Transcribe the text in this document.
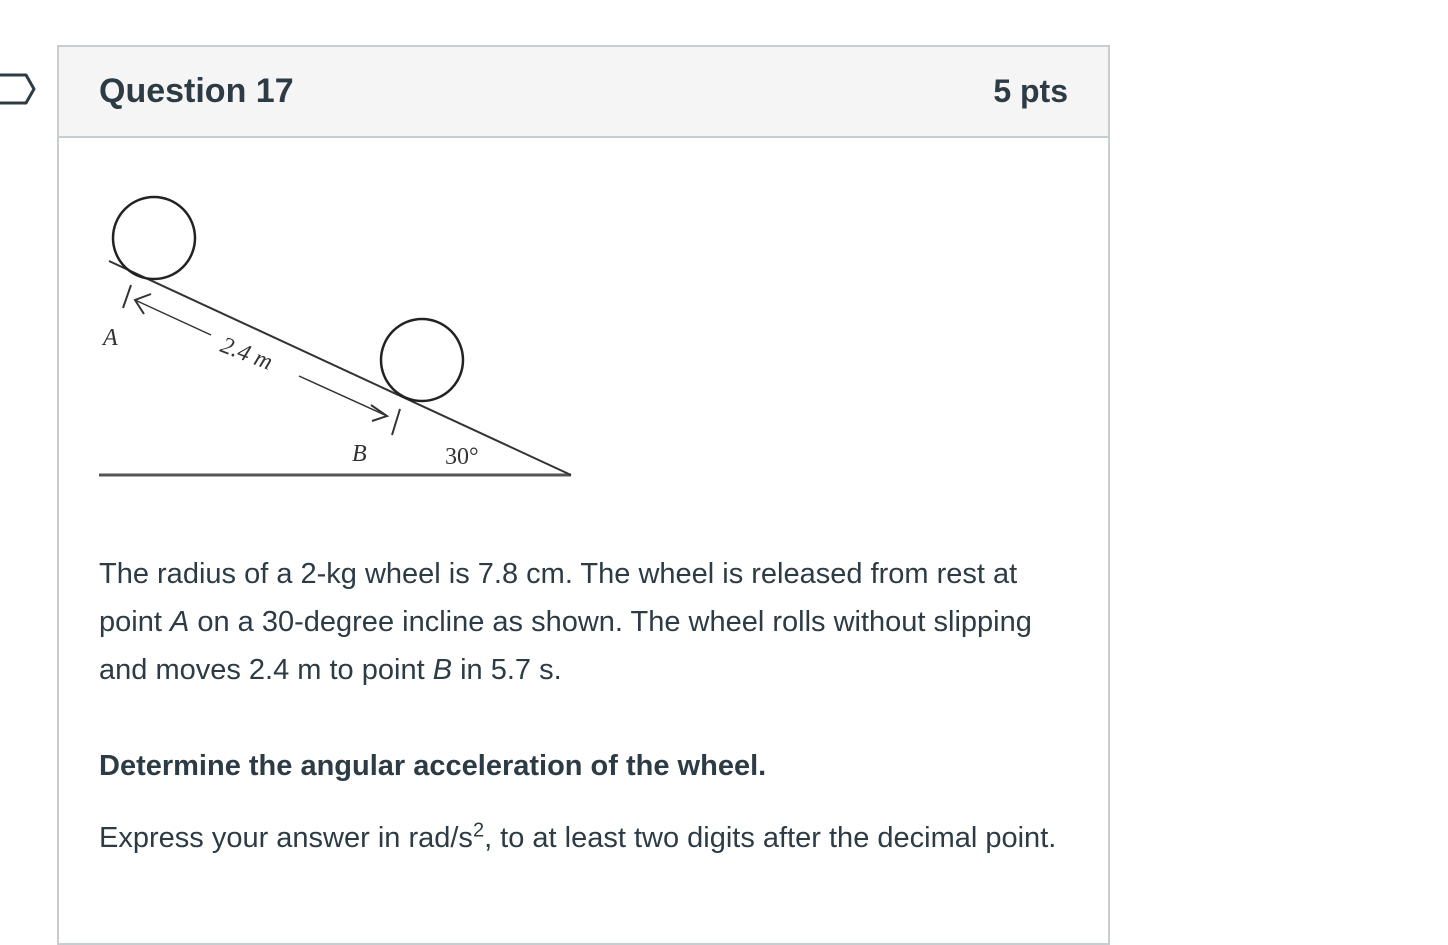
Question 17	5 pts
A	2.4 m
B	30°
The radius of a 2-kg wheel is 7.8 cm. The wheel is released from rest at point A on a 30-degree incline as shown. The wheel rolls without slipping and moves 2.4 m to point B in 5.7 s.
Determine the angular acceleration of the wheel.
Express your answer in rad/$s^2$, to at least two digits after the decimal point.
